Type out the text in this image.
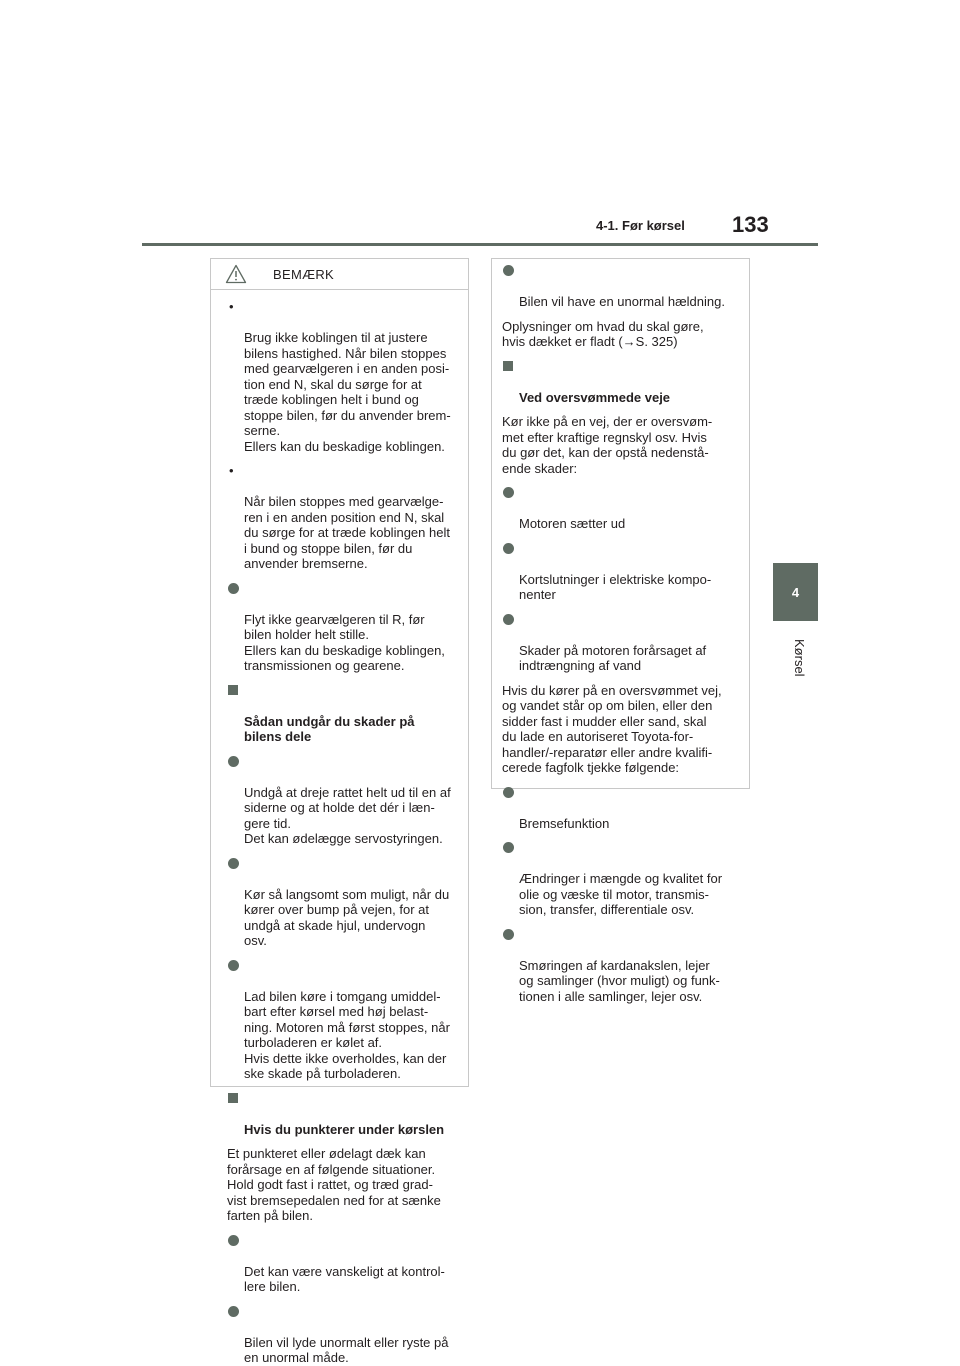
4-1. Før kørsel 133
4
Kørsel
BEMÆRK

•

Brug ikke koblingen til at justere
bilens hastighed. Når bilen stoppes
med gearvælgeren i en anden posi-
tion end N, skal du sørge for at
træde koblingen helt i bund og
stoppe bilen, før du anvender brem-
serne.
Ellers kan du beskadige koblingen.

•

Når bilen stoppes med gearvælge-
ren i en anden position end N, skal
du sørge for at træde koblingen helt
i bund og stoppe bilen, før du
anvender bremserne.

Flyt ikke gearvælgeren til R, før
bilen holder helt stille.
Ellers kan du beskadige koblingen,
transmissionen og gearene.

Sådan undgår du skader på
bilens dele

Undgå at dreje rattet helt ud til en af
siderne og at holde det dér i læn-
gere tid.
Det kan ødelægge servostyringen.

Kør så langsomt som muligt, når du
kører over bump på vejen, for at
undgå at skade hjul, undervogn
osv.

Lad bilen køre i tomgang umiddel-
bart efter kørsel med høj belast-
ning. Motoren må først stoppes, når
turboladeren er kølet af.
Hvis dette ikke overholdes, kan der
ske skade på turboladeren.

Hvis du punkterer under kørslen

Et punkteret eller ødelagt dæk kan
forårsage en af følgende situationer.
Hold godt fast i rattet, og træd grad-
vist bremsepedalen ned for at sænke
farten på bilen.

Det kan være vanskeligt at kontrol-
lere bilen.

Bilen vil lyde unormalt eller ryste på
en unormal måde.

Bilen vil have en unormal hældning.

Oplysninger om hvad du skal gøre,
hvis dækket er fladt (→S. 325)

Ved oversvømmede veje

Kør ikke på en vej, der er oversvøm-
met efter kraftige regnskyl osv. Hvis
du gør det, kan der opstå nedenstå-
ende skader:

Motoren sætter ud

Kortslutninger i elektriske kompo-
nenter

Skader på motoren forårsaget af
indtrængning af vand

Hvis du kører på en oversvømmet vej,
og vandet står op om bilen, eller den
sidder fast i mudder eller sand, skal
du lade en autoriseret Toyota-for-
handler/-reparatør eller andre kvalifi-
cerede fagfolk tjekke følgende:

Bremsefunktion

Ændringer i mængde og kvalitet for
olie og væske til motor, transmis-
sion, transfer, differentiale osv.

Smøringen af kardanakslen, lejer
og samlinger (hvor muligt) og funk-
tionen i alle samlinger, lejer osv.
